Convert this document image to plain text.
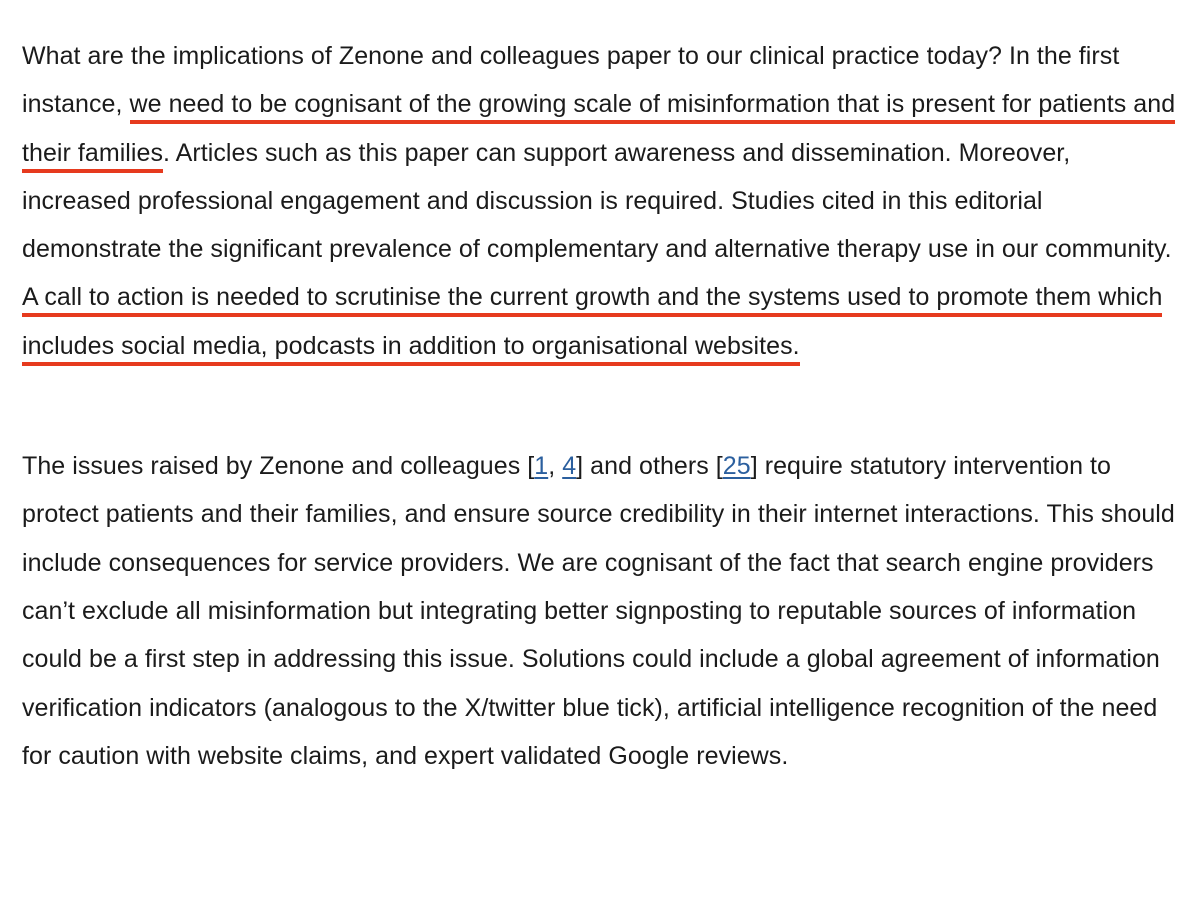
What are the implications of Zenone and colleagues paper to our clinical practice today? In the first instance, we need to be cognisant of the growing scale of misinformation that is present for patients and their families. Articles such as this paper can support awareness and dissemination. Moreover, increased professional engagement and discussion is required. Studies cited in this editorial demonstrate the significant prevalence of complementary and alternative therapy use in our community. A call to action is needed to scrutinise the current growth and the systems used to promote them which includes social media, podcasts in addition to organisational websites.

The issues raised by Zenone and colleagues [1, 4] and others [25] require statutory intervention to protect patients and their families, and ensure source credibility in their internet interactions. This should include consequences for service providers. We are cognisant of the fact that search engine providers can’t exclude all misinformation but integrating better signposting to reputable sources of information could be a first step in addressing this issue. Solutions could include a global agreement of information verification indicators (analogous to the X/twitter blue tick), artificial intelligence recognition of the need for caution with website claims, and expert validated Google reviews.
